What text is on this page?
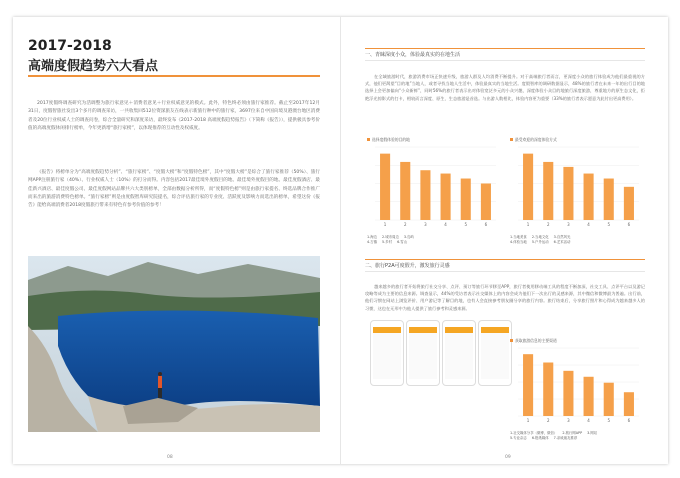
2017-2018
高端度假趋势六大看点
2017度假终调查研究为活调整为旅行家意见＋消费者意见＋行业权威意见的模式。此外，特色终必须由旅行家推荐。截止至2017年12月31日，度假智旅社发出3个多月的调查采访，一共收集回512位资深旅友在线表示新旅行种中的旅行家，3697位来自中国向境及港澳台地区消费者及20位行业权威人士的调查问卷，综合全量研究和深度采访，最终发布《2017-2018 高端度假趋势报告》（下简称《报告》），提供极具参考价值的高端度假休闲排行榜单，今年更新增“旅行家榜”，以体现推荐的互动性及权威度。
《报告》将榜单分为“高端度假趋势分析”、“旅行家榜”、“度假大榜”和“度假特色榜”，其中“度假大榜”是综合了旅行家推荐（50%）、旅行网APP注册旅行家（40%）、行业权威人士（10%）的打分而得。内容包括2017最佳境外度假目的地、最佳境外度假目的地、最佳度假酒店、最佳新兴酒店、最佳度假公司、最佳度假网站品牌共六大类别榜单，全部由数据分析所得，而“度假特色榜”则是由旅行家提名、终选品牌合作推广而来出的旅游消费特色榜单。“旅行家榜”则是由度假智库研究院提名，综合评估旅行家的专业度、活跃度及影响力而选出的榜单，希望这份《报告》能给高端消费者2018度假旅行带来有特色有参考价值的参考！
图片版权 / 摄影：佚名摄影
08
一、青睐深度小众，体验最真实的在地生活
在全域旅游时代，旅游消费市场正快速升级，旅游人群及人均消费不断提升。对于高端旅行者而言，更深度小众的旅行体验成为他们最重视的方式，他们更渴望“目的地”当地人，或者寻找当地人生活中，体验最真实的当地生活。度假智库的调研数据显示，48%的旅行者在未来一年的出行目的地选择上会更加偏向“小众新鲜”，同时56%的旅行者表示出对体验宽泛多元的小众兴趣，深度体验小众目的地旅行深度旅游，尊重地方的原生态文化，拒绝浮光掠影式的打卡，相较而言深度、原生、生态旅游是首选。与出游人数相比，体验内容更为重要（33%的旅行者表示愿意为此付出更高费用）。
选择度假体验的目的地
1	2	3	4	5	6
1.海边 2.城市周边 3.岛屿
4.古镇 5.乡村 6.雪山
最受欢迎的深度体验方式
1	2	3	4	5	6
1.当地美食 2.当地文化 3.自然风光
4.体验当地 5.户外运动 6.艺术活动
二、旅行P2A可度假升，激发旅行灵感
越来越多的旅行者开始将旅行社交分享、点评、预订等旅行环节移至APP，旅行者使用移动端工具的程度不断加深，社交工具、点评平台以及游记攻略等成为主要的信息来源。调查显示，44%的受访者表示社交媒体上的内容会成为他们下一次出行的灵感来源，其中微信和微博最为普遍。出行前，他们习惯在网站上浏览评价、用户游记等了解目的地，也有人会直接参考朋友圈分享的旅行内容。旅行结束后，分享旅行照片和心得成为越来越多人的习惯，这也在无形中为他人提供了旅行参考和灵感来源。
获取旅游信息的主要渠道
1	2	3	4	5	6
1.社交媒体分享（微博，微信） 2.旅行网APP 3.网站
5.专业杂志 6.报纸媒体 7.亲戚朋友推荐
09
